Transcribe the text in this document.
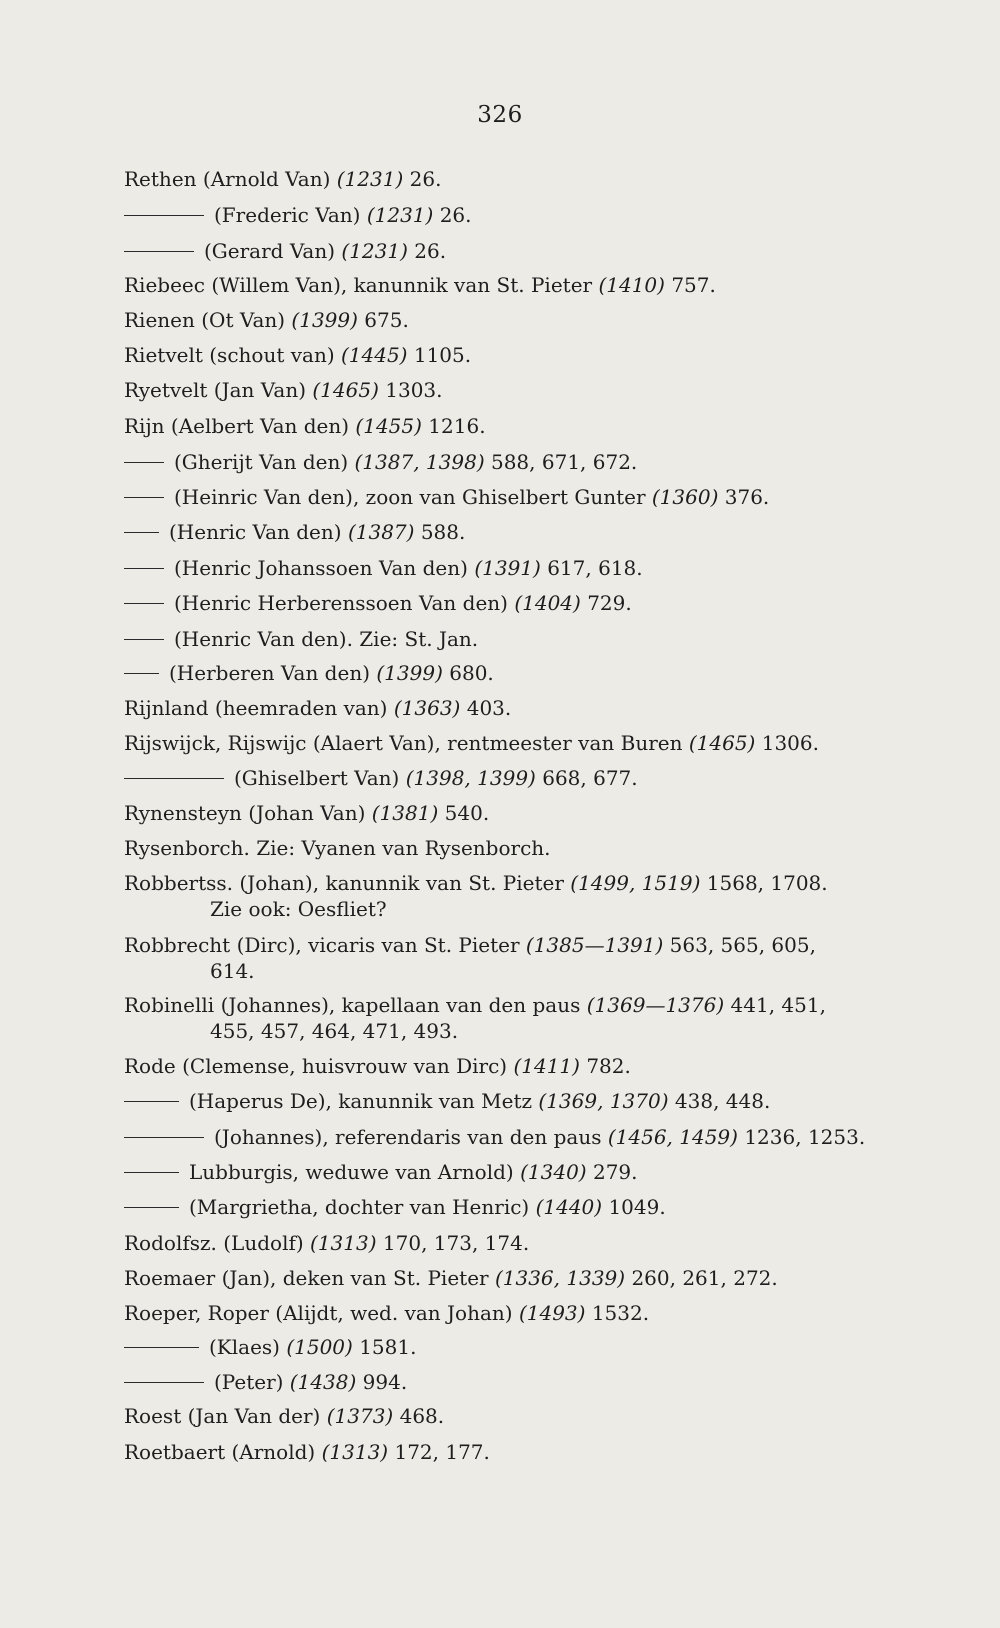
326
Rethen (Arnold Van) (1231) 26.
(Frederic Van) (1231) 26.
(Gerard Van) (1231) 26.
Riebeec (Willem Van), kanunnik van St. Pieter (1410) 757.
Rienen (Ot Van) (1399) 675.
Rietvelt (schout van) (1445) 1105.
Ryetvelt (Jan Van) (1465) 1303.
Rijn (Aelbert Van den) (1455) 1216.
(Gherijt Van den) (1387, 1398) 588, 671, 672.
(Heinric Van den), zoon van Ghiselbert Gunter (1360) 376.
(Henric Van den) (1387) 588.
(Henric Johanssoen Van den) (1391) 617, 618.
(Henric Herberenssoen Van den) (1404) 729.
(Henric Van den). Zie: St. Jan.
(Herberen Van den) (1399) 680.
Rijnland (heemraden van) (1363) 403.
Rijswijck, Rijswijc (Alaert Van), rentmeester van Buren (1465) 1306.
(Ghiselbert Van) (1398, 1399) 668, 677.
Rynensteyn (Johan Van) (1381) 540.
Rysenborch. Zie: Vyanen van Rysenborch.
Robbertss. (Johan), kanunnik van St. Pieter (1499, 1519) 1568, 1708.
Zie ook: Oesfliet?
Robbrecht (Dirc), vicaris van St. Pieter (1385—1391) 563, 565, 605,
614.
Robinelli (Johannes), kapellaan van den paus (1369—1376) 441, 451,
455, 457, 464, 471, 493.
Rode (Clemense, huisvrouw van Dirc) (1411) 782.
(Haperus De), kanunnik van Metz (1369, 1370) 438, 448.
(Johannes), referendaris van den paus (1456, 1459) 1236, 1253.
Lubburgis, weduwe van Arnold) (1340) 279.
(Margrietha, dochter van Henric) (1440) 1049.
Rodolfsz. (Ludolf) (1313) 170, 173, 174.
Roemaer (Jan), deken van St. Pieter (1336, 1339) 260, 261, 272.
Roeper, Roper (Alijdt, wed. van Johan) (1493) 1532.
(Klaes) (1500) 1581.
(Peter) (1438) 994.
Roest (Jan Van der) (1373) 468.
Roetbaert (Arnold) (1313) 172, 177.
